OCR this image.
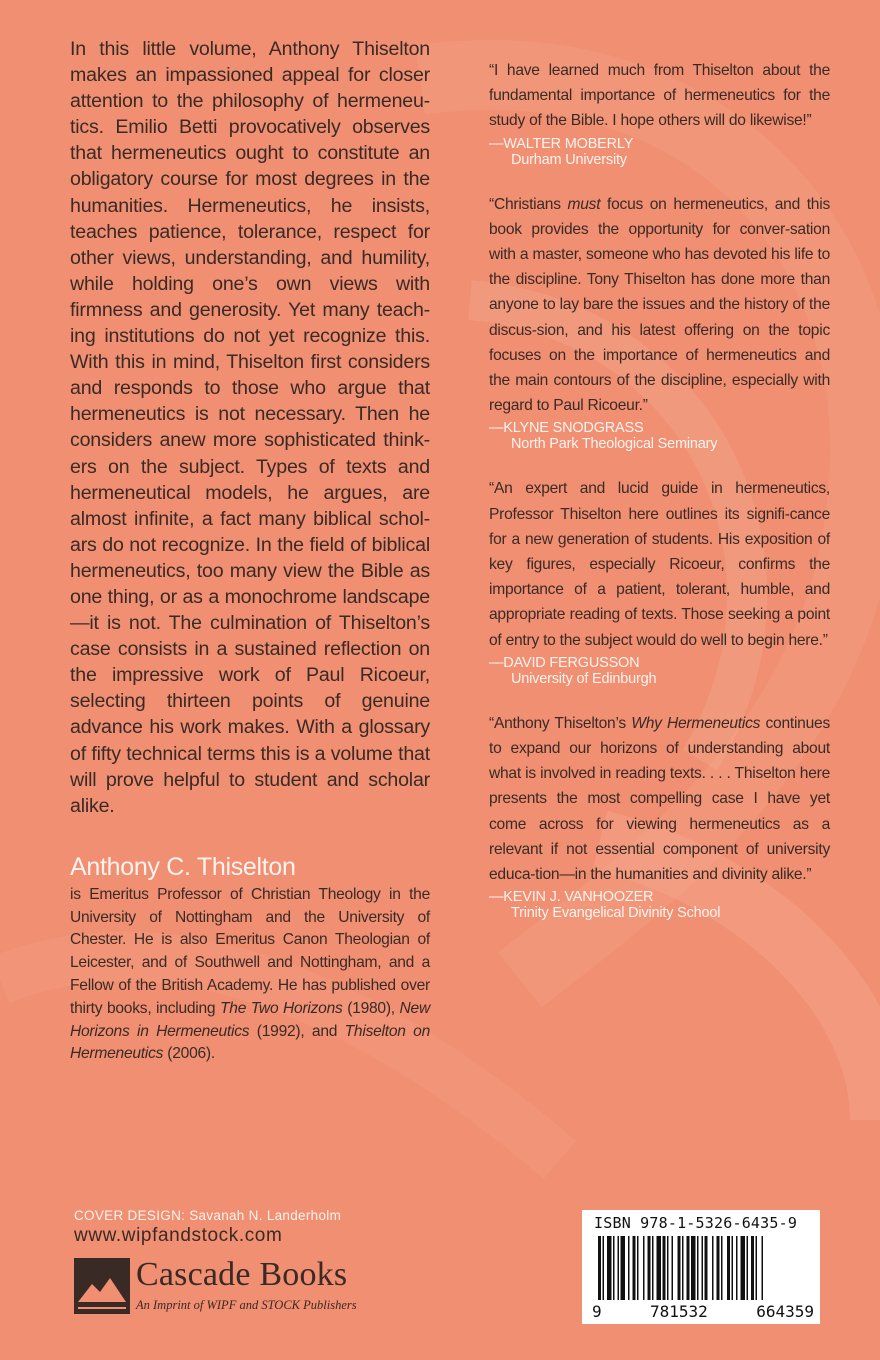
In this little volume, Anthony Thiselton makes an impassioned appeal for closer attention to the philosophy of hermeneu-tics. Emilio Betti provocatively observes that hermeneutics ought to constitute an obligatory course for most degrees in the humanities. Hermeneutics, he insists, teaches patience, tolerance, respect for other views, understanding, and humility, while holding one’s own views with firmness and generosity. Yet many teach-ing institutions do not yet recognize this. With this in mind, Thiselton first considers and responds to those who argue that hermeneutics is not necessary. Then he considers anew more sophisticated think-ers on the subject. Types of texts and hermeneutical models, he argues, are almost infinite, a fact many biblical schol-ars do not recognize. In the field of biblical hermeneutics, too many view the Bible as one thing, or as a monochrome landscape—it is not. The culmination of Thiselton’s case consists in a sustained reflection on the impressive work of Paul Ricoeur, selecting thirteen points of genuine advance his work makes. With a glossary of fifty technical terms this is a volume that will prove helpful to student and scholar alike.

Anthony C. Thiselton

is Emeritus Professor of Christian Theology in the University of Nottingham and the University of Chester. He is also Emeritus Canon Theologian of Leicester, and of Southwell and Nottingham, and a Fellow of the British Academy. He has published over thirty books, including The Two Horizons (1980), New Horizons in Hermeneutics (1992), and Thiselton on Hermeneutics (2006).

“I have learned much from Thiselton about the fundamental importance of hermeneutics for the study of the Bible. I hope others will do likewise!”

—WALTER MOBERLY
Durham University

“Christians must focus on hermeneutics, and this book provides the opportunity for conver-sation with a master, someone who has devoted his life to the discipline. Tony Thiselton has done more than anyone to lay bare the issues and the history of the discus-sion, and his latest offering on the topic focuses on the importance of hermeneutics and the main contours of the discipline, especially with regard to Paul Ricoeur.”

—KLYNE SNODGRASS
North Park Theological Seminary

“An expert and lucid guide in hermeneutics, Professor Thiselton here outlines its signifi-cance for a new generation of students. His exposition of key figures, especially Ricoeur, confirms the importance of a patient, tolerant, humble, and appropriate reading of texts. Those seeking a point of entry to the subject would do well to begin here.”

—DAVID FERGUSSON
University of Edinburgh

“Anthony Thiselton’s Why Hermeneutics continues to expand our horizons of understanding about what is involved in reading texts. . . . Thiselton here presents the most compelling case I have yet come across for viewing hermeneutics as a relevant if not essential component of university educa-tion—in the humanities and divinity alike.”

—KEVIN J. VANHOOZER
Trinity Evangelical Divinity School
COVER DESIGN: Savanah N. Landerholm
www.wipfandstock.com
Cascade Books
An Imprint of WIPF and STOCK Publishers
ISBN 978-1-5326-6435-9
9	781532	664359
